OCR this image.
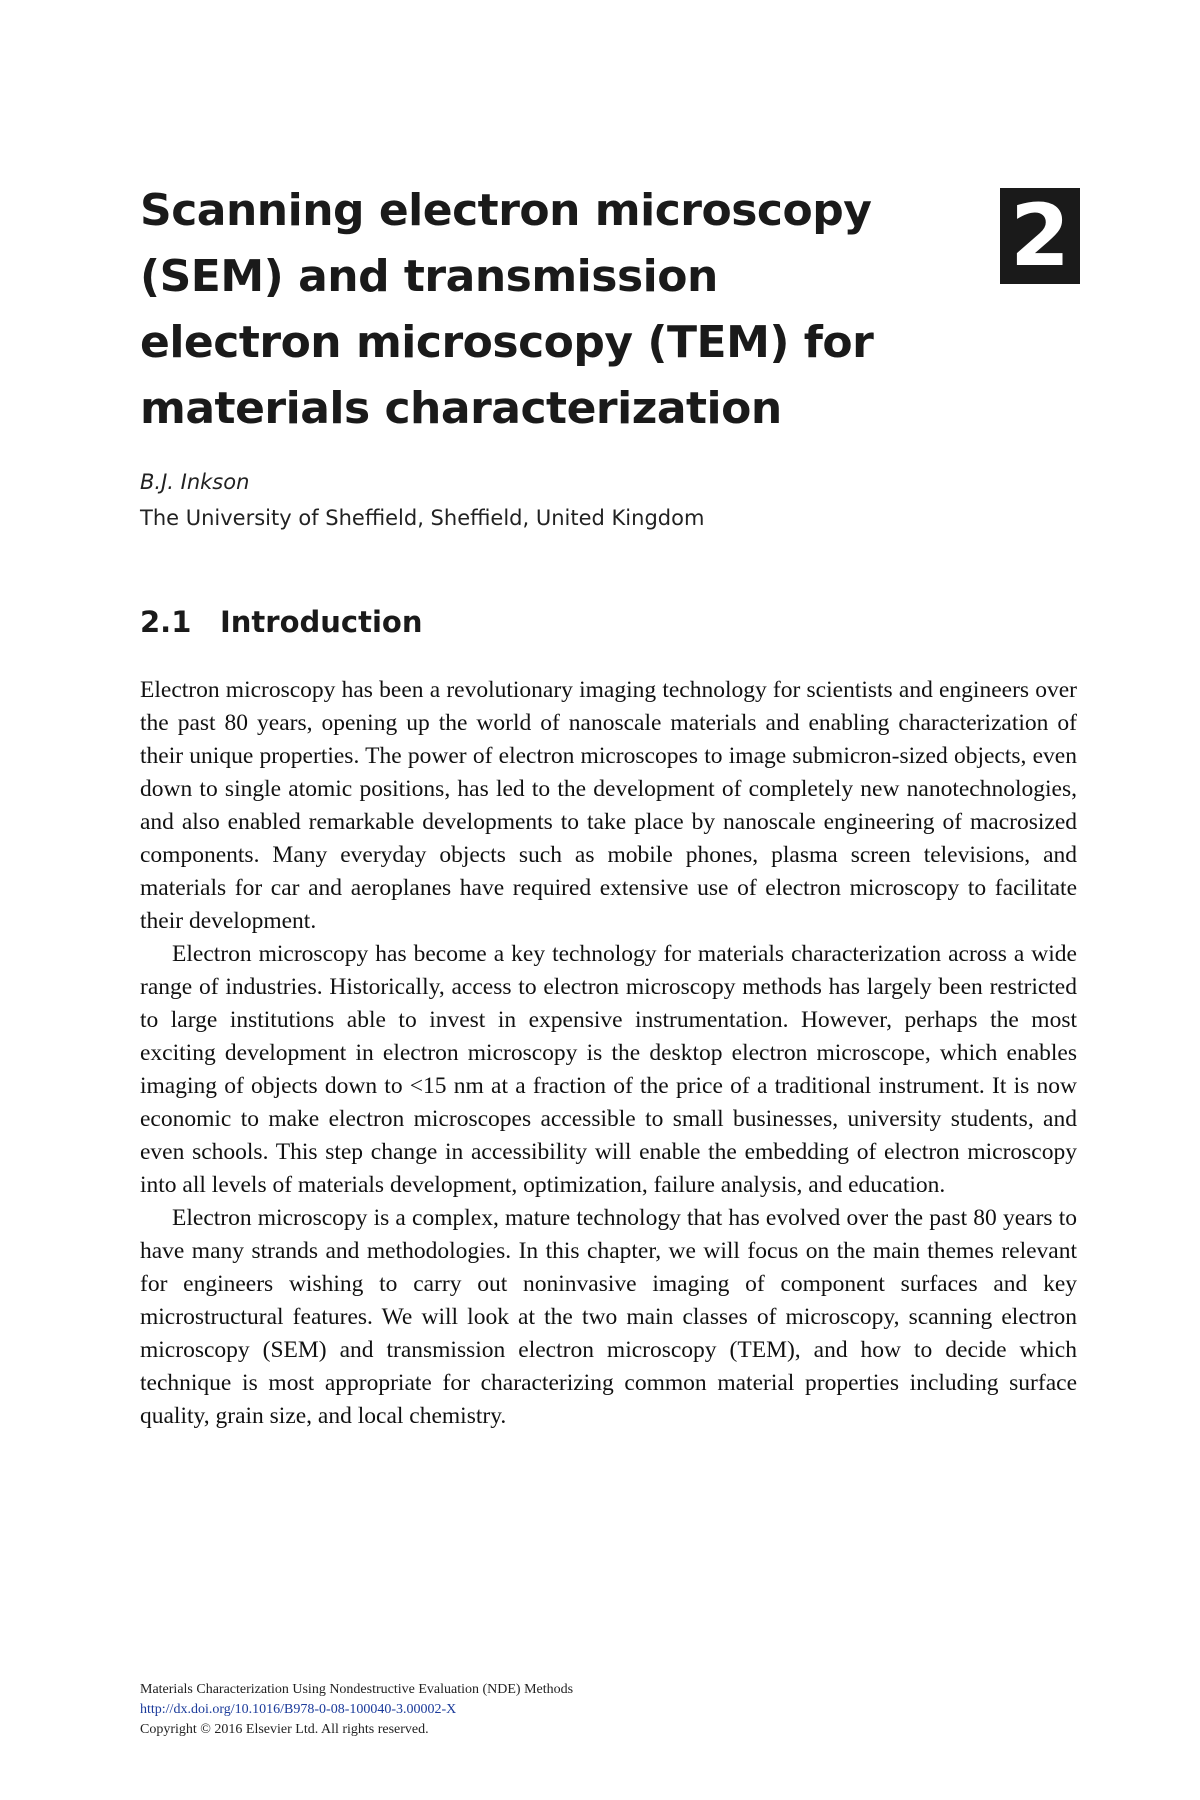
Scanning electron microscopy (SEM) and transmission electron microscopy (TEM) for materials characterization
2

B.J. Inkson

The University of Sheffield, Sheffield, United Kingdom

2.1 Introduction

Electron microscopy has been a revolutionary imaging technology for scientists and engineers over the past 80 years, opening up the world of nanoscale materials and enabling characterization of their unique properties. The power of electron microscopes to image submicron-sized objects, even down to single atomic positions, has led to the development of completely new nanotechnologies, and also enabled remarkable developments to take place by nanoscale engineering of macrosized components. Many everyday objects such as mobile phones, plasma screen televisions, and materials for car and aeroplanes have required extensive use of electron microscopy to facilitate their development.

Electron microscopy has become a key technology for materials characterization across a wide range of industries. Historically, access to electron microscopy methods has largely been restricted to large institutions able to invest in expensive instrumentation. However, perhaps the most exciting development in electron microscopy is the desktop electron microscope, which enables imaging of objects down to <15 nm at a fraction of the price of a traditional instrument. It is now economic to make electron microscopes accessible to small businesses, university students, and even schools. This step change in accessibility will enable the embedding of electron microscopy into all levels of materials development, optimization, failure analysis, and education.

Electron microscopy is a complex, mature technology that has evolved over the past 80 years to have many strands and methodologies. In this chapter, we will focus on the main themes relevant for engineers wishing to carry out noninvasive imaging of component surfaces and key microstructural features. We will look at the two main classes of microscopy, scanning electron microscopy (SEM) and transmission electron microscopy (TEM), and how to decide which technique is most appropriate for characterizing common material properties including surface quality, grain size, and local chemistry.

Materials Characterization Using Nondestructive Evaluation (NDE) Methods
http://dx.doi.org/10.1016/B978-0-08-100040-3.00002-X
Copyright © 2016 Elsevier Ltd. All rights reserved.
